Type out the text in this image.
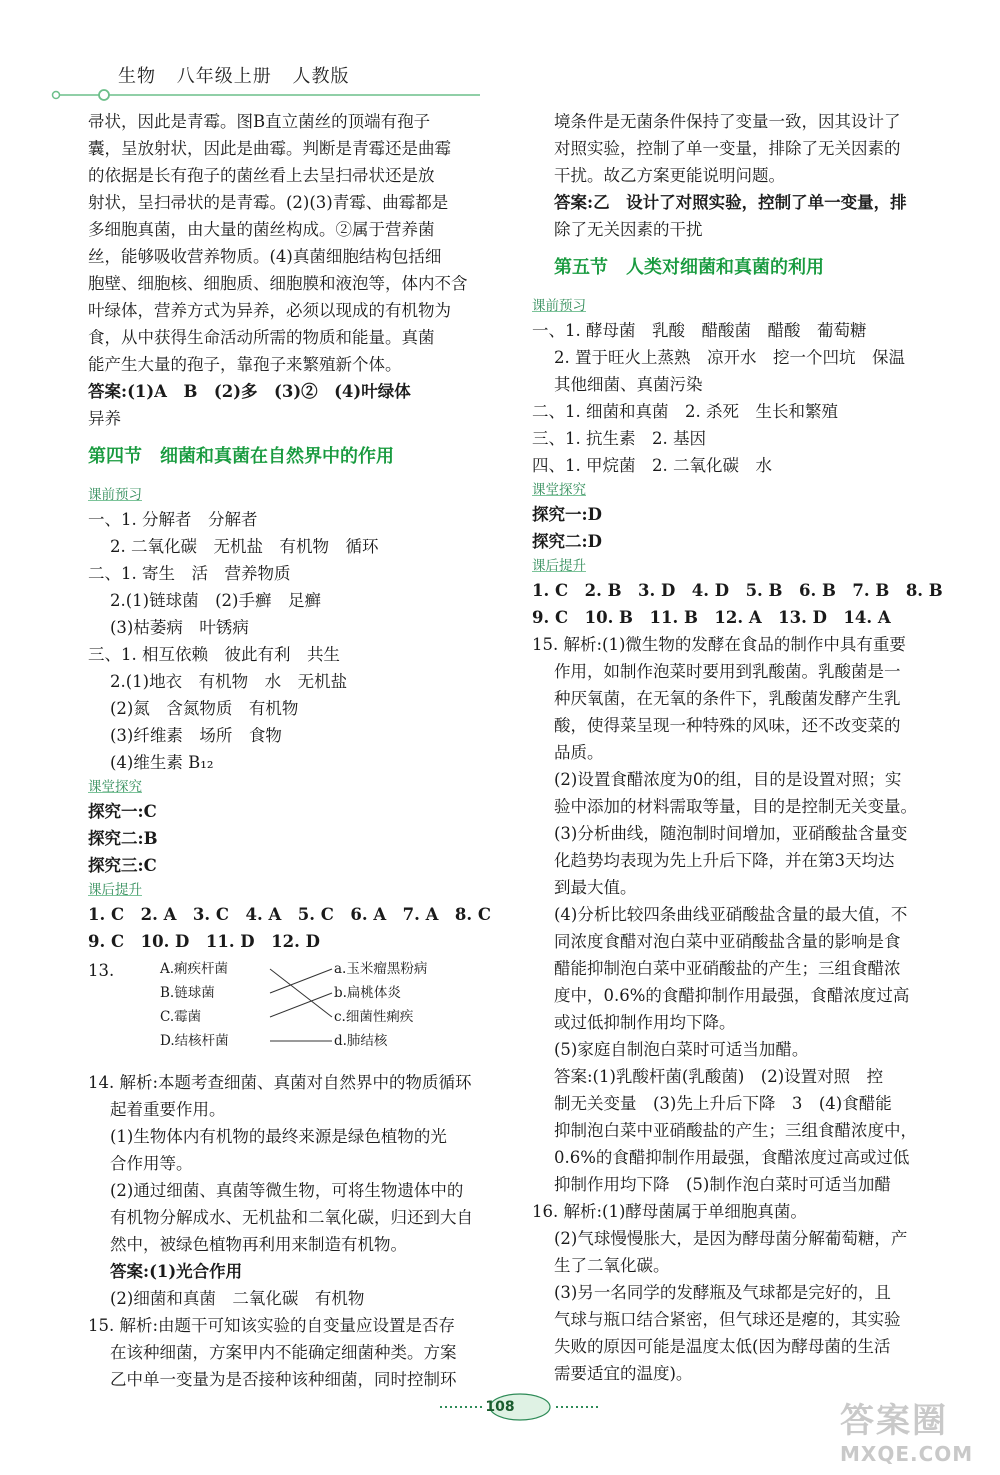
生物 八年级上册 人教版
帚状，因此是青霉。图B直立菌丝的顶端有孢子
囊，呈放射状，因此是曲霉。判断是青霉还是曲霉
的依据是长有孢子的菌丝看上去呈扫帚状还是放
射状，呈扫帚状的是青霉。(2)(3)青霉、曲霉都是
多细胞真菌，由大量的菌丝构成。②属于营养菌
丝，能够吸收营养物质。(4)真菌细胞结构包括细
胞壁、细胞核、细胞质、细胞膜和液泡等，体内不含
叶绿体，营养方式为异养，必须以现成的有机物为
食，从中获得生命活动所需的物质和能量。真菌
能产生大量的孢子，靠孢子来繁殖新个体。
答案:(1)A　B　(2)多　(3)②　(4)叶绿体
异养
第四节　细菌和真菌在自然界中的作用
课前预习
一、1. 分解者　分解者
2. 二氧化碳　无机盐　有机物　循环
二、1. 寄生　活　营养物质
2.(1)链球菌　(2)手癣　足癣
(3)枯萎病　叶锈病
三、1. 相互依赖　彼此有利　共生
2.(1)地衣　有机物　水　无机盐
(2)氮　含氮物质　有机物
(3)纤维素　场所　食物
(4)维生素 B₁₂
课堂探究
探究一:C
探究二:B
探究三:C
课后提升
1. C　2. A　3. C　4. A　5. C　6. A　7. A　8. C
9. C　10. D　11. D　12. D
13.	A.痢疾杆菌
B.链球菌
C.霉菌
D.结核杆菌
a.玉米瘤黑粉病
b.扁桃体炎
c.细菌性痢疾
d.肺结核
14. 解析:本题考查细菌、真菌对自然界中的物质循环
起着重要作用。
(1)生物体内有机物的最终来源是绿色植物的光
合作用等。
(2)通过细菌、真菌等微生物，可将生物遗体中的
有机物分解成水、无机盐和二氧化碳，归还到大自
然中，被绿色植物再利用来制造有机物。
答案:(1)光合作用
(2)细菌和真菌　二氧化碳　有机物
15. 解析:由题干可知该实验的自变量应设置是否存
在该种细菌，方案甲内不能确定细菌种类。方案
乙中单一变量为是否接种该种细菌，同时控制环
境条件是无菌条件保持了变量一致，因其设计了
对照实验，控制了单一变量，排除了无关因素的
干扰。故乙方案更能说明问题。
答案:乙　设计了对照实验，控制了单一变量，排
除了无关因素的干扰
第五节　人类对细菌和真菌的利用
课前预习
一、1. 酵母菌　乳酸　醋酸菌　醋酸　葡萄糖
2. 置于旺火上蒸熟　凉开水　挖一个凹坑　保温
其他细菌、真菌污染
二、1. 细菌和真菌　2. 杀死　生长和繁殖
三、1. 抗生素　2. 基因
四、1. 甲烷菌　2. 二氧化碳　水
课堂探究
探究一:D
探究二:D
课后提升
1. C　2. B　3. D　4. D　5. B　6. B　7. B　8. B
9. C　10. B　11. B　12. A　13. D　14. A
15. 解析:(1)微生物的发酵在食品的制作中具有重要
作用，如制作泡菜时要用到乳酸菌。乳酸菌是一
种厌氧菌，在无氧的条件下，乳酸菌发酵产生乳
酸，使得菜呈现一种特殊的风味，还不改变菜的
品质。
(2)设置食醋浓度为0的组，目的是设置对照；实
验中添加的材料需取等量，目的是控制无关变量。
(3)分析曲线，随泡制时间增加，亚硝酸盐含量变
化趋势均表现为先上升后下降，并在第3天均达
到最大值。
(4)分析比较四条曲线亚硝酸盐含量的最大值，不
同浓度食醋对泡白菜中亚硝酸盐含量的影响是食
醋能抑制泡白菜中亚硝酸盐的产生；三组食醋浓
度中，0.6%的食醋抑制作用最强，食醋浓度过高
或过低抑制作用均下降。
(5)家庭自制泡白菜时可适当加醋。
答案:(1)乳酸杆菌(乳酸菌)　(2)设置对照　控
制无关变量　(3)先上升后下降　3　(4)食醋能
抑制泡白菜中亚硝酸盐的产生；三组食醋浓度中，
0.6%的食醋抑制作用最强，食醋浓度过高或过低
抑制作用均下降　(5)制作泡白菜时可适当加醋
16. 解析:(1)酵母菌属于单细胞真菌。
(2)气球慢慢胀大，是因为酵母菌分解葡萄糖，产
生了二氧化碳。
(3)另一名同学的发酵瓶及气球都是完好的，且
气球与瓶口结合紧密，但气球还是瘪的，其实验
失败的原因可能是温度太低(因为酵母菌的生活
需要适宜的温度)。
108	答案圈
MXQE.COM
